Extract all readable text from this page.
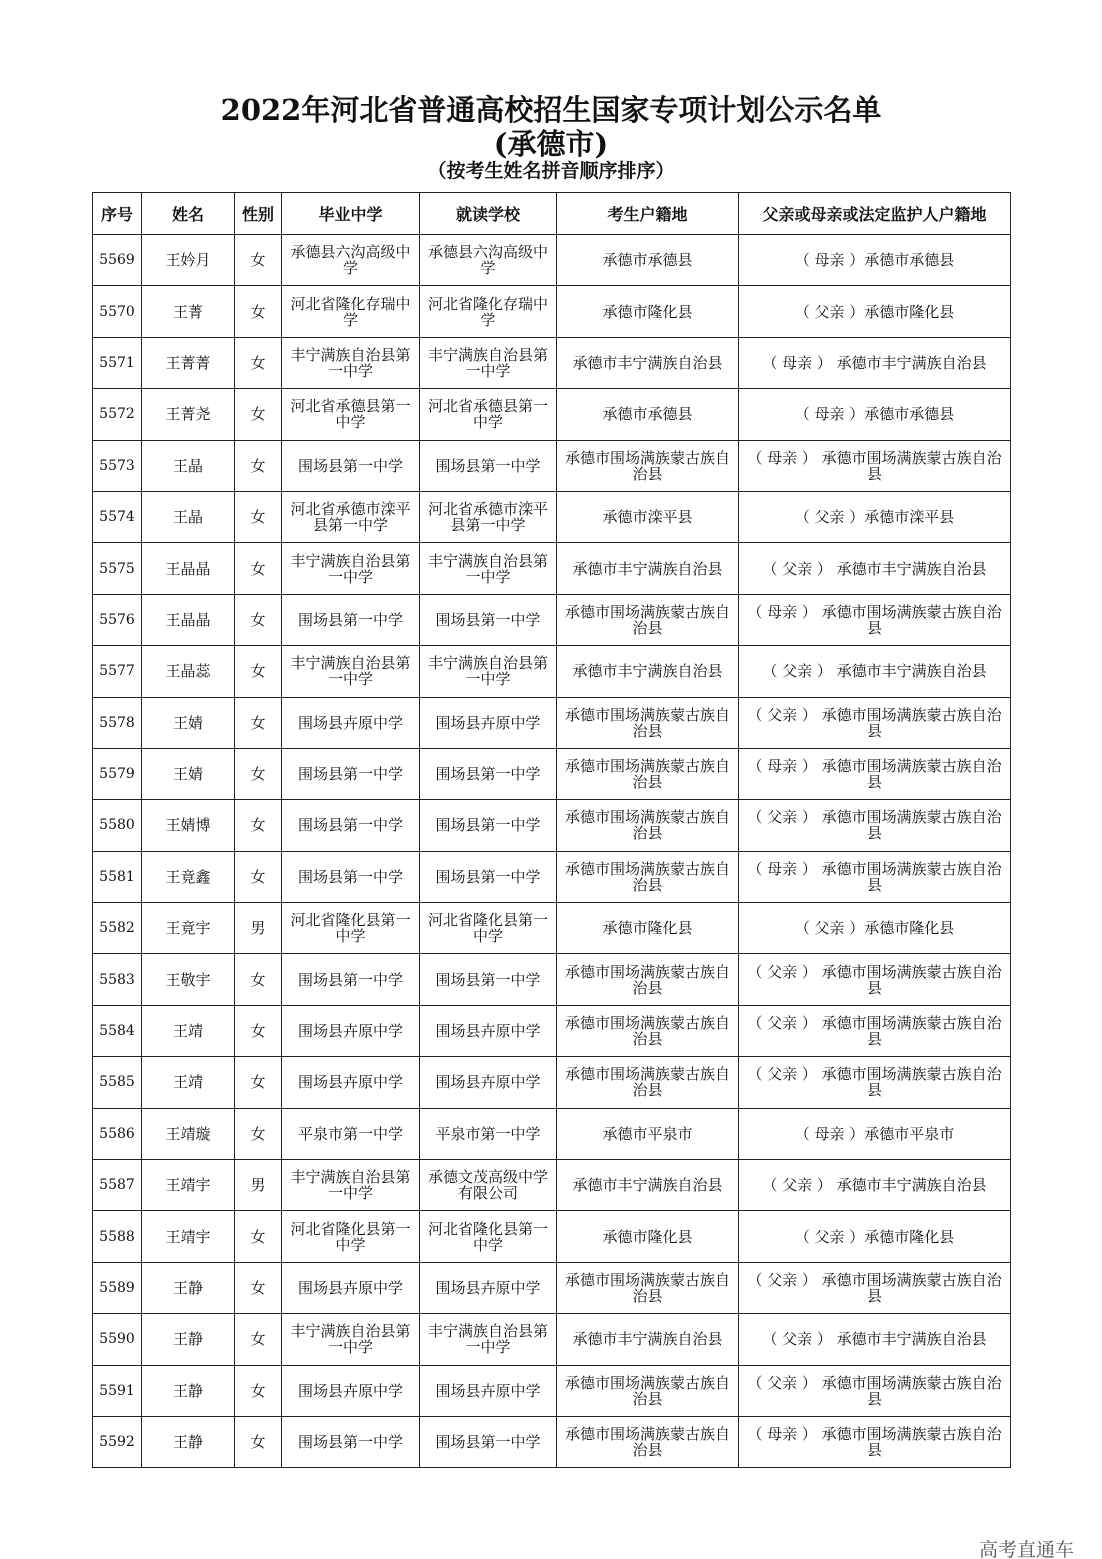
2022年河北省普通高校招生国家专项计划公示名单
(承德市)
（按考生姓名拼音顺序排序）
序号	姓名	性别	毕业中学	就读学校	考生户籍地	父亲或母亲或法定监护人户籍地
5569	王妗月	女	承德县六沟高级中学	承德县六沟高级中学	承德市承德县	（ 母亲 ）承德市承德县
5570	王菁	女	河北省隆化存瑞中学	河北省隆化存瑞中学	承德市隆化县	（ 父亲 ）承德市隆化县
5571	王菁菁	女	丰宁满族自治县第一中学	丰宁满族自治县第一中学	承德市丰宁满族自治县	（ 母亲 ） 承德市丰宁满族自治县
5572	王菁尧	女	河北省承德县第一中学	河北省承德县第一中学	承德市承德县	（ 母亲 ）承德市承德县
5573	王晶	女	围场县第一中学	围场县第一中学	承德市围场满族蒙古族自治县	（ 母亲 ） 承德市围场满族蒙古族自治县
5574	王晶	女	河北省承德市滦平县第一中学	河北省承德市滦平县第一中学	承德市滦平县	（ 父亲 ）承德市滦平县
5575	王晶晶	女	丰宁满族自治县第一中学	丰宁满族自治县第一中学	承德市丰宁满族自治县	（ 父亲 ） 承德市丰宁满族自治县
5576	王晶晶	女	围场县第一中学	围场县第一中学	承德市围场满族蒙古族自治县	（ 母亲 ） 承德市围场满族蒙古族自治县
5577	王晶蕊	女	丰宁满族自治县第一中学	丰宁满族自治县第一中学	承德市丰宁满族自治县	（ 父亲 ） 承德市丰宁满族自治县
5578	王婧	女	围场县卉原中学	围场县卉原中学	承德市围场满族蒙古族自治县	（ 父亲 ） 承德市围场满族蒙古族自治县
5579	王婧	女	围场县第一中学	围场县第一中学	承德市围场满族蒙古族自治县	（ 母亲 ） 承德市围场满族蒙古族自治县
5580	王婧博	女	围场县第一中学	围场县第一中学	承德市围场满族蒙古族自治县	（ 父亲 ） 承德市围场满族蒙古族自治县
5581	王竟鑫	女	围场县第一中学	围场县第一中学	承德市围场满族蒙古族自治县	（ 母亲 ） 承德市围场满族蒙古族自治县
5582	王竟宇	男	河北省隆化县第一中学	河北省隆化县第一中学	承德市隆化县	（ 父亲 ）承德市隆化县
5583	王敬宇	女	围场县第一中学	围场县第一中学	承德市围场满族蒙古族自治县	（ 父亲 ） 承德市围场满族蒙古族自治县
5584	王靖	女	围场县卉原中学	围场县卉原中学	承德市围场满族蒙古族自治县	（ 父亲 ） 承德市围场满族蒙古族自治县
5585	王靖	女	围场县卉原中学	围场县卉原中学	承德市围场满族蒙古族自治县	（ 父亲 ） 承德市围场满族蒙古族自治县
5586	王靖璇	女	平泉市第一中学	平泉市第一中学	承德市平泉市	（ 母亲 ）承德市平泉市
5587	王靖宇	男	丰宁满族自治县第一中学	承德文茂高级中学有限公司	承德市丰宁满族自治县	（ 父亲 ） 承德市丰宁满族自治县
5588	王靖宇	女	河北省隆化县第一中学	河北省隆化县第一中学	承德市隆化县	（ 父亲 ）承德市隆化县
5589	王静	女	围场县卉原中学	围场县卉原中学	承德市围场满族蒙古族自治县	（ 父亲 ） 承德市围场满族蒙古族自治县
5590	王静	女	丰宁满族自治县第一中学	丰宁满族自治县第一中学	承德市丰宁满族自治县	（ 父亲 ） 承德市丰宁满族自治县
5591	王静	女	围场县卉原中学	围场县卉原中学	承德市围场满族蒙古族自治县	（ 父亲 ） 承德市围场满族蒙古族自治县
5592	王静	女	围场县第一中学	围场县第一中学	承德市围场满族蒙古族自治县	（ 母亲 ） 承德市围场满族蒙古族自治县
高考直通车
